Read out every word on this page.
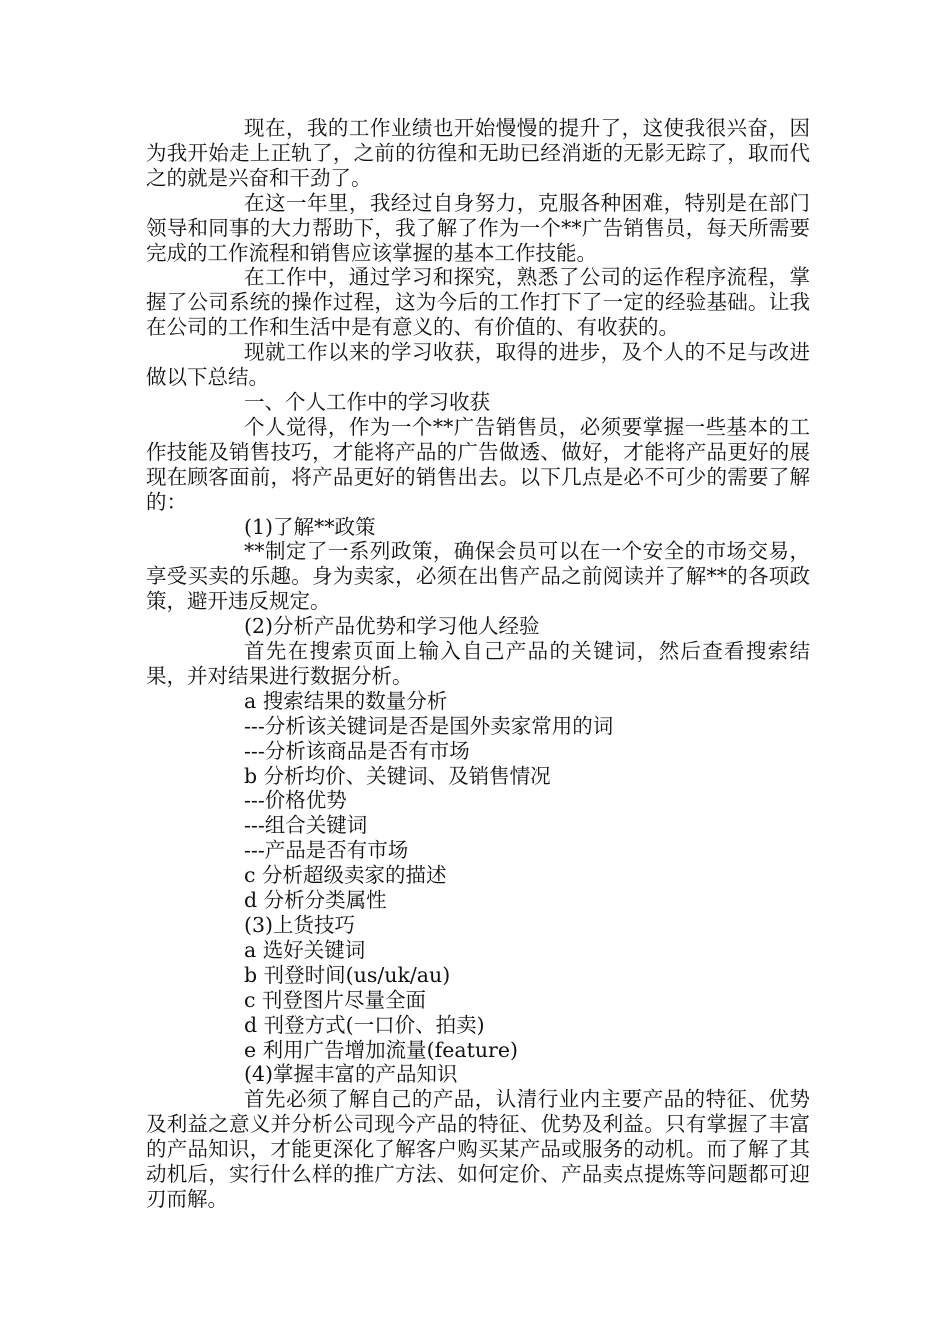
现在，我的工作业绩也开始慢慢的提升了，这使我很兴奋，因为我开始走上正轨了，之前的彷徨和无助已经消逝的无影无踪了，取而代之的就是兴奋和干劲了。

在这一年里，我经过自身努力，克服各种困难，特别是在部门领导和同事的大力帮助下，我了解了作为一个**广告销售员，每天所需要完成的工作流程和销售应该掌握的基本工作技能。

在工作中，通过学习和探究，熟悉了公司的运作程序流程，掌握了公司系统的操作过程，这为今后的工作打下了一定的经验基础。让我在公司的工作和生活中是有意义的、有价值的、有收获的。

现就工作以来的学习收获，取得的进步，及个人的不足与改进做以下总结。

一、个人工作中的学习收获

个人觉得，作为一个**广告销售员，必须要掌握一些基本的工作技能及销售技巧，才能将产品的广告做透、做好，才能将产品更好的展现在顾客面前，将产品更好的销售出去。以下几点是必不可少的需要了解的：

(1)了解**政策

**制定了一系列政策，确保会员可以在一个安全的市场交易，享受买卖的乐趣。身为卖家，必须在出售产品之前阅读并了解**的各项政策，避开违反规定。

(2)分析产品优势和学习他人经验

首先在搜索页面上输入自己产品的关键词，然后查看搜索结果，并对结果进行数据分析。

a 搜索结果的数量分析

---分析该关键词是否是国外卖家常用的词

---分析该商品是否有市场

b 分析均价、关键词、及销售情况

---价格优势

---组合关键词

---产品是否有市场

c 分析超级卖家的描述

d 分析分类属性

(3)上货技巧

a 选好关键词

b 刊登时间(us/uk/au)

c 刊登图片尽量全面

d 刊登方式(一口价、拍卖)

e 利用广告增加流量(feature)

(4)掌握丰富的产品知识

首先必须了解自己的产品，认清行业内主要产品的特征、优势及利益之意义并分析公司现今产品的特征、优势及利益。只有掌握了丰富的产品知识，才能更深化了解客户购买某产品或服务的动机。而了解了其动机后，实行什么样的推广方法、如何定价、产品卖点提炼等问题都可迎刃而解。
